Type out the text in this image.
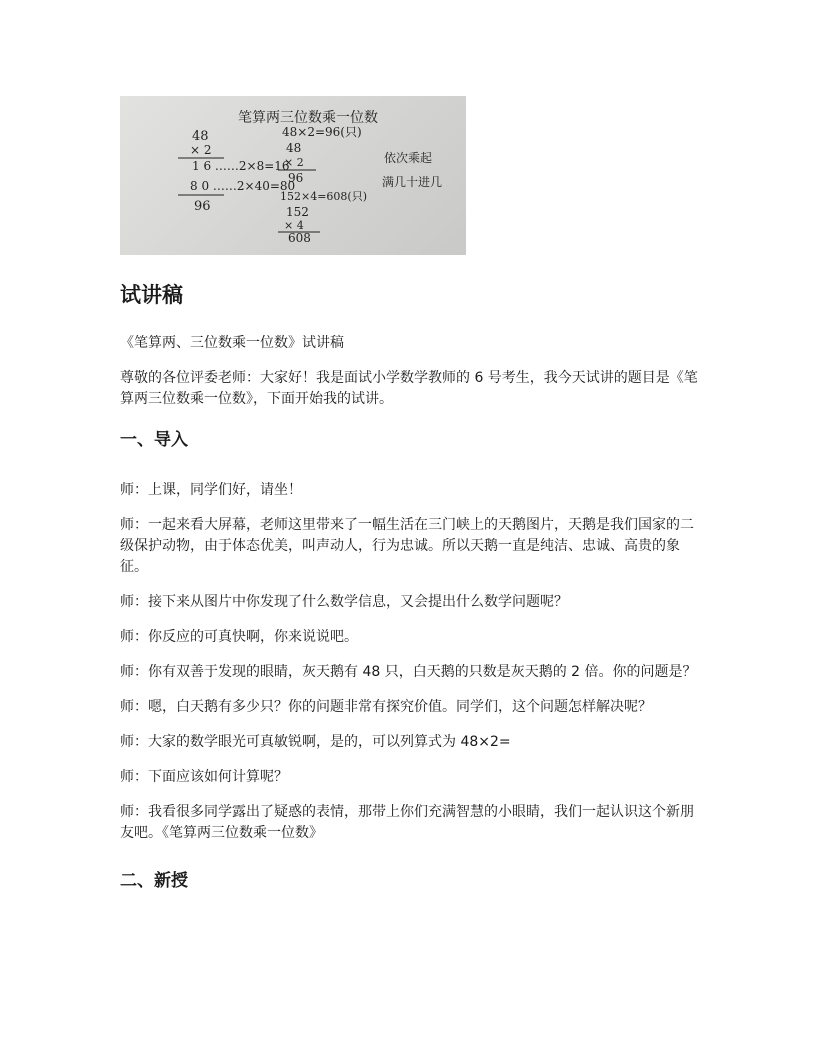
笔算两三位数乘一位数
48
× 2
1 6 ……2×8=16
8 0 ……2×40=80
96
48×2=96(只)
48
× 2
96
152×4=608(只)
152
× 4
608
依次乘起
满几十进几
试讲稿

《笔算两、三位数乘一位数》试讲稿

尊敬的各位评委老师：大家好！我是面试小学数学教师的 6 号考生，我今天试讲的题目是《笔算两三位数乘一位数》，下面开始我的试讲。

一、导入

师：上课，同学们好，请坐！

师：一起来看大屏幕，老师这里带来了一幅生活在三门峡上的天鹅图片，天鹅是我们国家的二级保护动物，由于体态优美，叫声动人，行为忠诚。所以天鹅一直是纯洁、忠诚、高贵的象征。

师：接下来从图片中你发现了什么数学信息，又会提出什么数学问题呢？

师：你反应的可真快啊，你来说说吧。

师：你有双善于发现的眼睛，灰天鹅有 48 只，白天鹅的只数是灰天鹅的 2 倍。你的问题是？

师：嗯，白天鹅有多少只？你的问题非常有探究价值。同学们，这个问题怎样解决呢？

师：大家的数学眼光可真敏锐啊，是的，可以列算式为 48×2=

师：下面应该如何计算呢？

师：我看很多同学露出了疑惑的表情，那带上你们充满智慧的小眼睛，我们一起认识这个新朋友吧。《笔算两三位数乘一位数》

二、新授
